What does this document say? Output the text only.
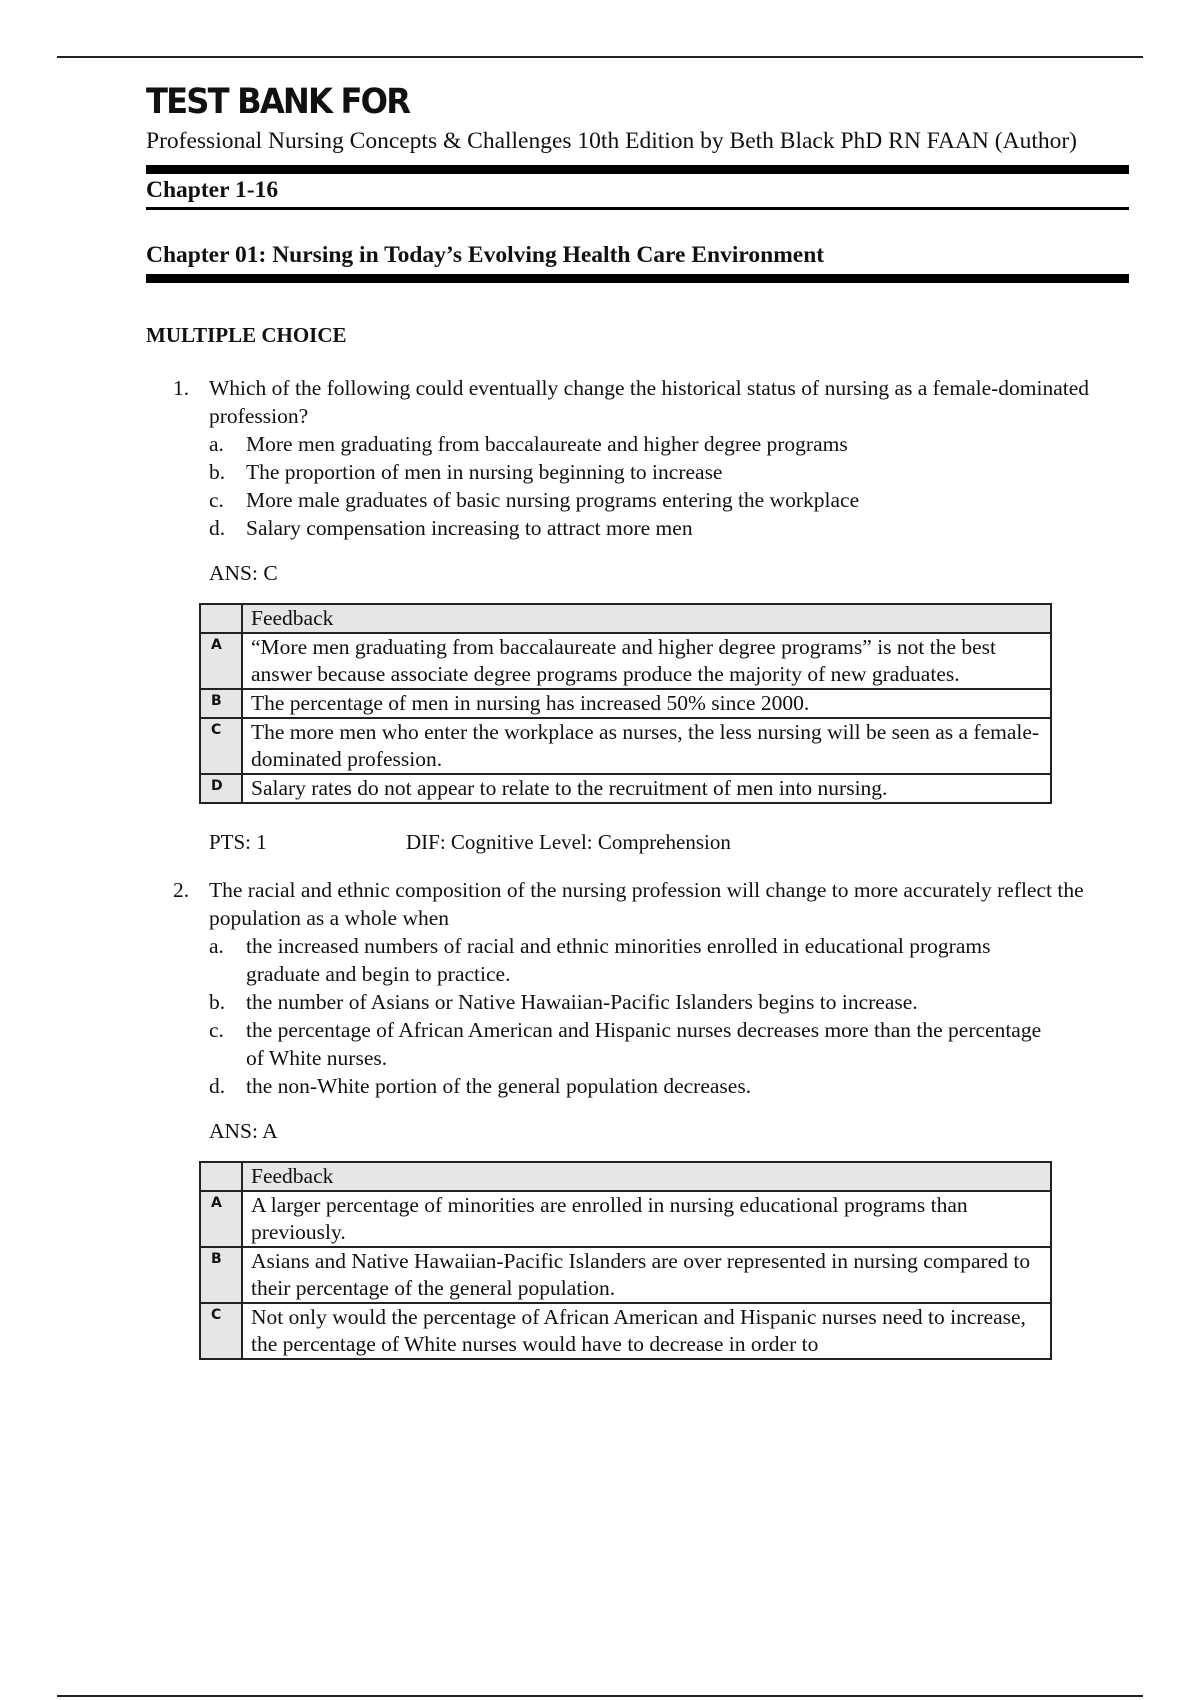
TEST BANK FOR
Professional Nursing Concepts & Challenges 10th Edition by Beth Black PhD RN FAAN (Author)
Chapter 1-16
Chapter 01: Nursing in Today’s Evolving Health Care Environment
MULTIPLE CHOICE
1. Which of the following could eventually change the historical status of nursing as a female-dominated profession?
a. More men graduating from baccalaureate and higher degree programs
b. The proportion of men in nursing beginning to increase
c. More male graduates of basic nursing programs entering the workplace
d. Salary compensation increasing to attract more men
ANS: C
	Feedback
A	“More men graduating from baccalaureate and higher degree programs” is not the best answer because associate degree programs produce the majority of new graduates.
B	The percentage of men in nursing has increased 50% since 2000.
C	The more men who enter the workplace as nurses, the less nursing will be seen as a female-dominated profession.
D	Salary rates do not appear to relate to the recruitment of men into nursing.
PTS: 1	DIF: Cognitive Level: Comprehension
2. The racial and ethnic composition of the nursing profession will change to more accurately reflect the population as a whole when
a. the increased numbers of racial and ethnic minorities enrolled in educational programs graduate and begin to practice.
b. the number of Asians or Native Hawaiian-Pacific Islanders begins to increase.
c. the percentage of African American and Hispanic nurses decreases more than the percentage of White nurses.
d. the non-White portion of the general population decreases.
ANS: A
	Feedback
A	A larger percentage of minorities are enrolled in nursing educational programs than previously.
B	Asians and Native Hawaiian-Pacific Islanders are over represented in nursing compared to their percentage of the general population.
C	Not only would the percentage of African American and Hispanic nurses need to increase, the percentage of White nurses would have to decrease in order to
